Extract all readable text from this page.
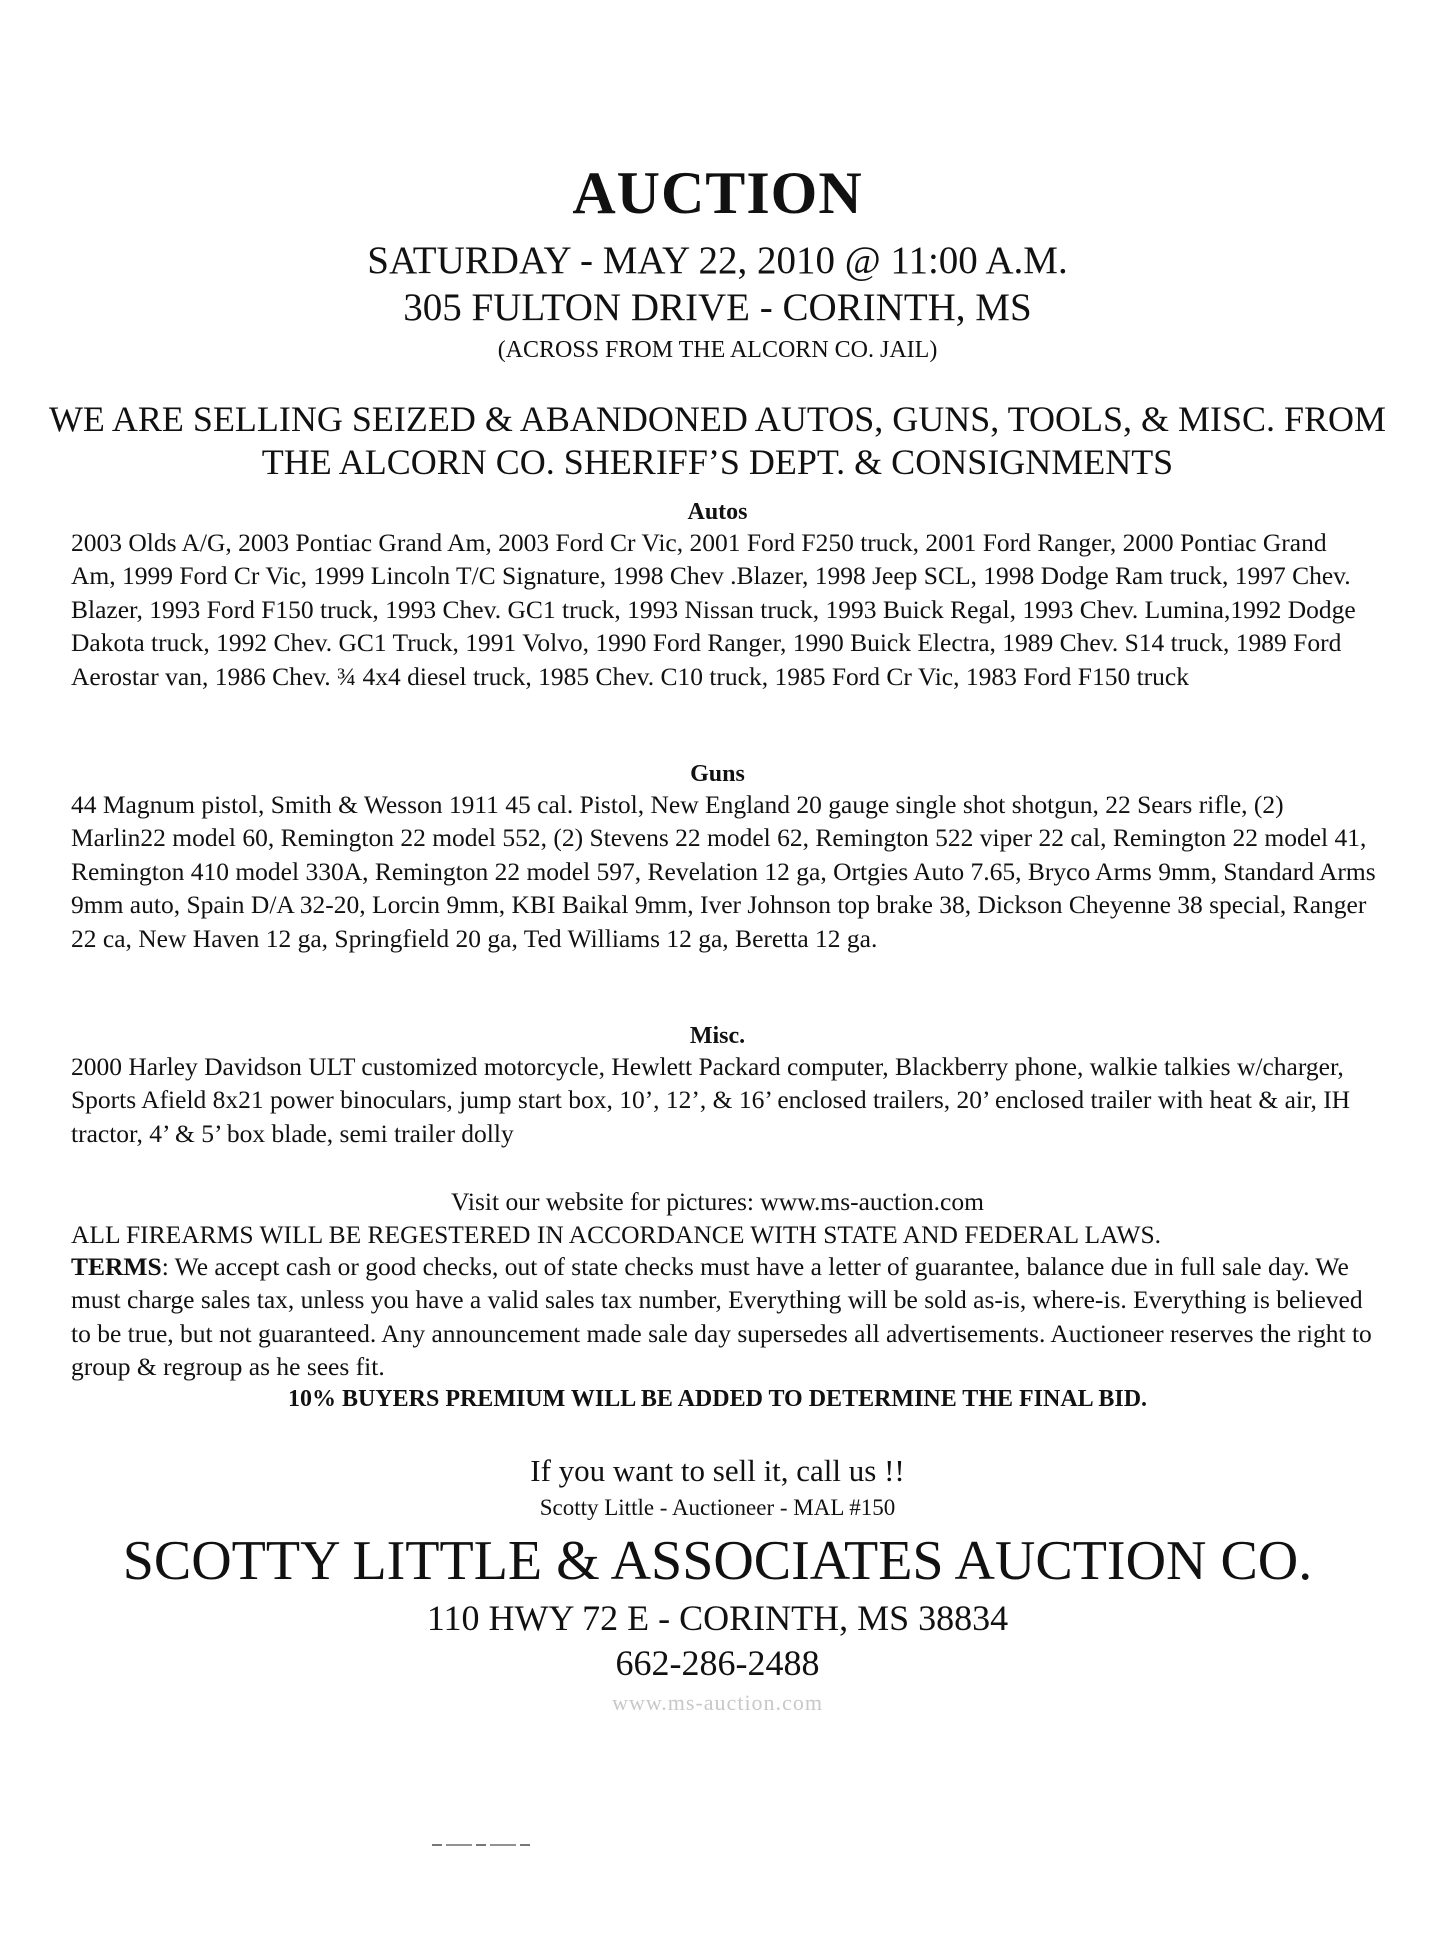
AUCTION
SATURDAY - MAY 22, 2010 @ 11:00 A.M.
305 FULTON DRIVE - CORINTH, MS
(ACROSS FROM THE ALCORN CO. JAIL)
WE ARE SELLING SEIZED & ABANDONED AUTOS, GUNS, TOOLS, & MISC. FROM THE ALCORN CO. SHERIFF’S DEPT. & CONSIGNMENTS
Autos
2003 Olds A/G, 2003 Pontiac Grand Am, 2003 Ford Cr Vic, 2001 Ford F250 truck, 2001 Ford Ranger, 2000 Pontiac Grand Am, 1999 Ford Cr Vic, 1999 Lincoln T/C Signature, 1998 Chev .Blazer, 1998 Jeep SCL, 1998 Dodge Ram truck, 1997 Chev. Blazer, 1993 Ford F150 truck, 1993 Chev. GC1 truck, 1993 Nissan truck, 1993 Buick Regal, 1993 Chev. Lumina,1992 Dodge Dakota truck, 1992 Chev. GC1 Truck, 1991 Volvo, 1990 Ford Ranger, 1990 Buick Electra, 1989 Chev. S14 truck, 1989 Ford Aerostar van, 1986 Chev. ¾ 4x4 diesel truck, 1985 Chev. C10 truck, 1985 Ford Cr Vic, 1983 Ford F150 truck
Guns
44 Magnum pistol, Smith & Wesson 1911 45 cal. Pistol, New England 20 gauge single shot shotgun, 22 Sears rifle, (2) Marlin22 model 60, Remington 22 model 552, (2) Stevens 22 model 62, Remington 522 viper 22 cal, Remington 22 model 41, Remington 410 model 330A, Remington 22 model 597, Revelation 12 ga, Ortgies Auto 7.65, Bryco Arms 9mm, Standard Arms 9mm auto, Spain D/A 32-20, Lorcin 9mm, KBI Baikal 9mm, Iver Johnson top brake 38, Dickson Cheyenne 38 special, Ranger 22 ca, New Haven 12 ga, Springfield 20 ga, Ted Williams 12 ga, Beretta 12 ga.
Misc.
2000 Harley Davidson ULT customized motorcycle, Hewlett Packard computer, Blackberry phone, walkie talkies w/charger, Sports Afield 8x21 power binoculars, jump start box, 10’, 12’, & 16’ enclosed trailers, 20’ enclosed trailer with heat & air, IH tractor, 4’ & 5’ box blade, semi trailer dolly
Visit our website for pictures: www.ms-auction.com
ALL FIREARMS WILL BE REGESTERED IN ACCORDANCE WITH STATE AND FEDERAL LAWS.
TERMS: We accept cash or good checks, out of state checks must have a letter of guarantee, balance due in full sale day. We must charge sales tax, unless you have a valid sales tax number, Everything will be sold as-is, where-is. Everything is believed to be true, but not guaranteed. Any announcement made sale day supersedes all advertisements. Auctioneer reserves the right to group & regroup as he sees fit.
10% BUYERS PREMIUM WILL BE ADDED TO DETERMINE THE FINAL BID.
If you want to sell it, call us !!
Scotty Little - Auctioneer - MAL #150
SCOTTY LITTLE & ASSOCIATES AUCTION CO.
110 HWY 72 E - CORINTH, MS 38834
662-286-2488
www.ms-auction.com
